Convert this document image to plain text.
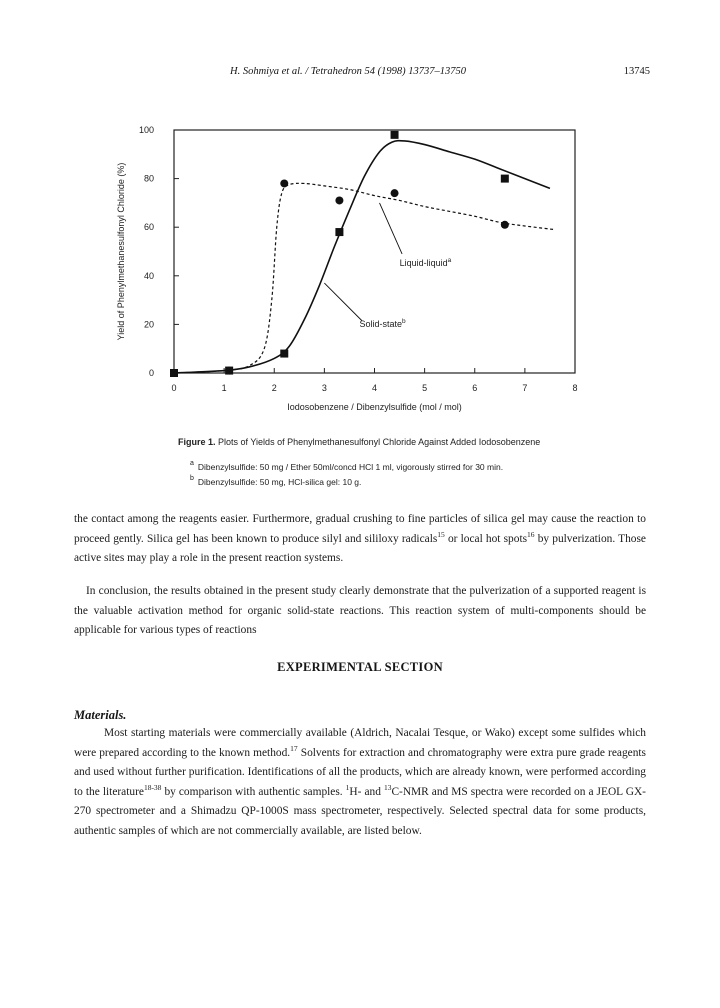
H. Sohmiya et al. / Tetrahedron 54 (1998) 13737–13750	13745
Iodosobenzene / Dibenzylsulfide (mol / mol)
Yield of Phenylmethanesulfonyl Chloride (%)
0	1	2	3	4	5	6	7	8
0
20
40
60
80
100
Solid-state$^b$
Liquid-liquid$^a$
Figure 1. Plots of Yields of Phenylmethanesulfonyl Chloride Against Added Iodosobenzene
$^a$ Dibenzylsulfide: 50 mg / Ether 50ml/concd HCl 1 ml, vigorously stirred for 30 min.
$^b$ Dibenzylsulfide: 50 mg, HCl-silica gel: 10 g.
the contact among the reagents easier. Furthermore, gradual crushing to fine particles of silica gel may cause the reaction to proceed gently. Silica gel has been known to produce silyl and sililoxy radicals$^{15}$ or local hot spots$^{16}$ by pulverization. Those active sites may play a role in the present reaction systems.
In conclusion, the results obtained in the present study clearly demonstrate that the pulverization of a supported reagent is the valuable activation method for organic solid-state reactions. This reaction system of multi-components should be applicable for various types of reactions
EXPERIMENTAL SECTION
Materials.
Most starting materials were commercially available (Aldrich, Nacalai Tesque, or Wako) except some sulfides which were prepared according to the known method.$^{17}$ Solvents for extraction and chromatography were extra pure grade reagents and used without further purification. Identifications of all the products, which are already known, were performed according to the literature$^{18-38}$ by comparison with authentic samples. $^1$H- and $^{13}$C-NMR and MS spectra were recorded on a JEOL GX-270 spectrometer and a Shimadzu QP-1000S mass spectrometer, respectively. Selected spectral data for some products, authentic samples of which are not commercially available, are listed below.
